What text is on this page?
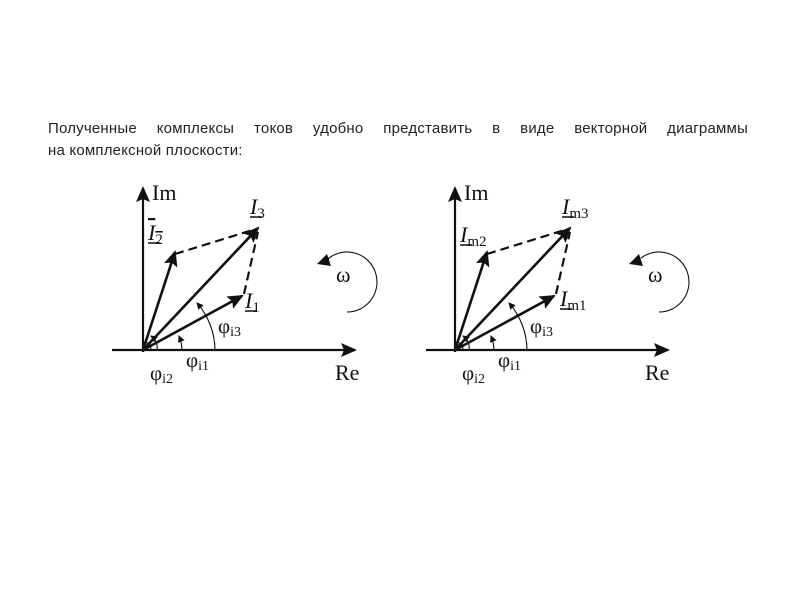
Полученные комплексы токов удобно представить в виде векторной диаграммы
на комплексной плоскости:
Im
Re
I2
I3
I1
φi3
φi1
φi2
ω
Im
Re
Im2
Im3
Im1
φi3
φi1
φi2
ω
